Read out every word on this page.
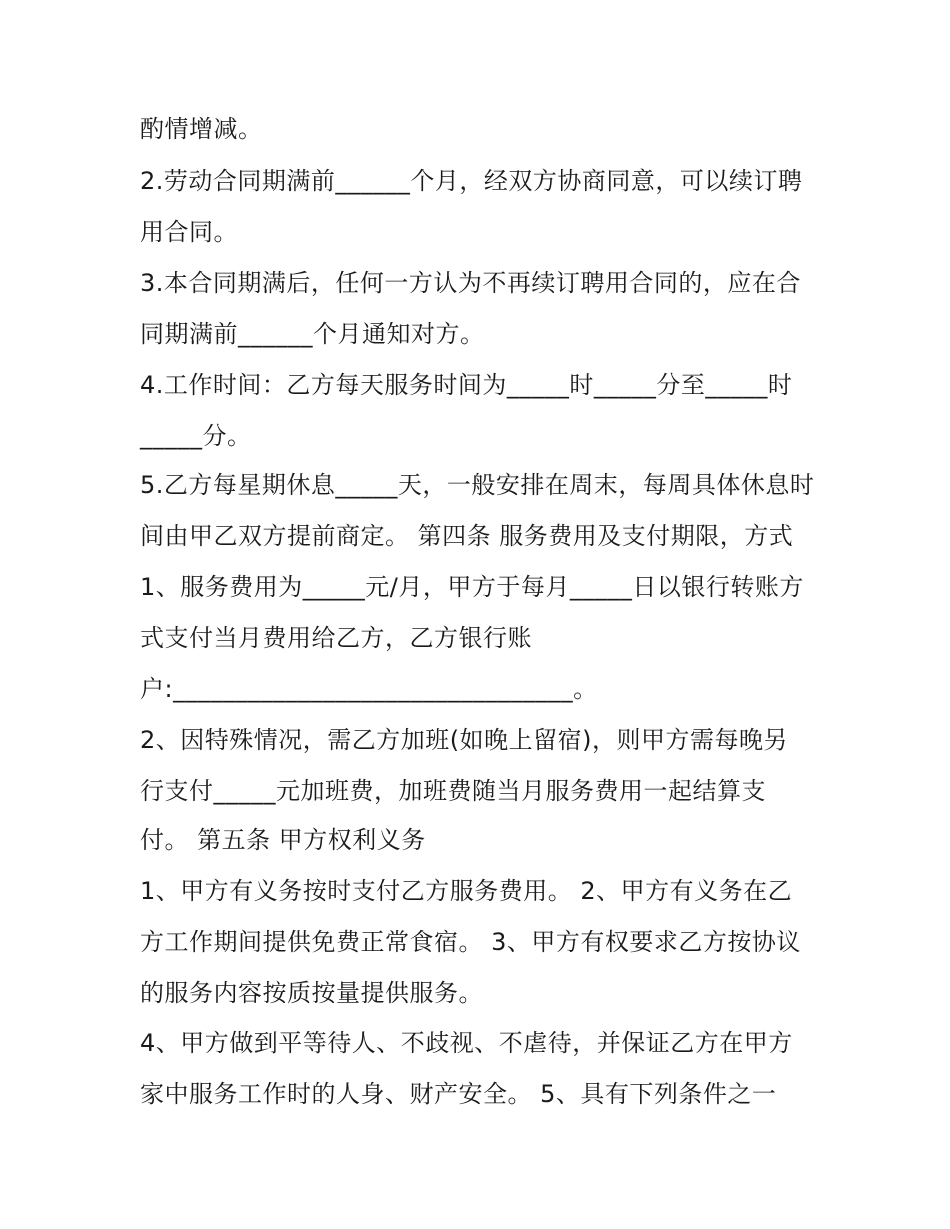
酌情增减。
2.劳动合同期满前______个月，经双方协商同意，可以续订聘
用合同。
3.本合同期满后，任何一方认为不再续订聘用合同的，应在合
同期满前______个月通知对方。
4.工作时间：乙方每天服务时间为_____时_____分至_____时
_____分。
5.乙方每星期休息_____天，一般安排在周末，每周具体休息时
间由甲乙双方提前商定。 第四条 服务费用及支付期限，方式
1、服务费用为_____元/月，甲方于每月_____日以银行转账方
式支付当月费用给乙方，乙方银行账
户:________________________________。
2、因特殊情况，需乙方加班(如晚上留宿)，则甲方需每晚另
行支付_____元加班费，加班费随当月服务费用一起结算支
付。 第五条 甲方权利义务
1、甲方有义务按时支付乙方服务费用。 2、甲方有义务在乙
方工作期间提供免费正常食宿。 3、甲方有权要求乙方按协议
的服务内容按质按量提供服务。
4、甲方做到平等待人、不歧视、不虐待，并保证乙方在甲方
家中服务工作时的人身、财产安全。 5、具有下列条件之一
